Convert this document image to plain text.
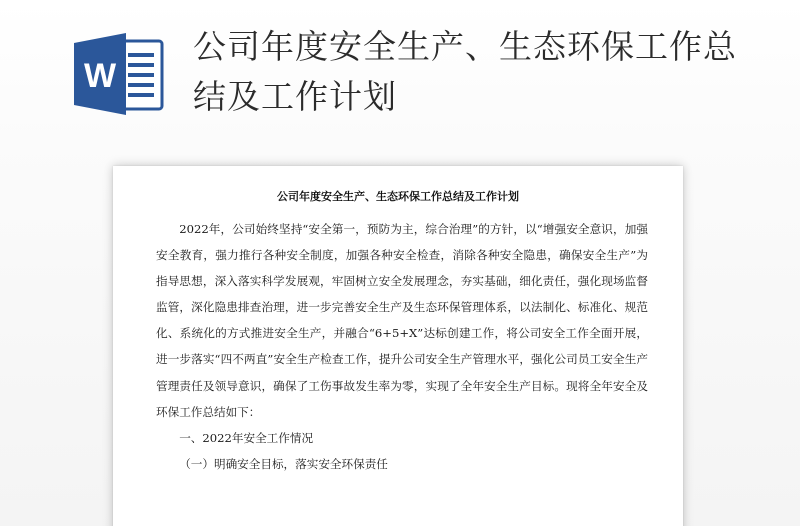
W
公司年度安全生产、生态环保工作总结及工作计划
公司年度安全生产、生态环保工作总结及工作计划

2022年，公司始终坚持“安全第一，预防为主，综合治理”的方针，以“增强安全意识，加强安全教育，强力推行各种安全制度，加强各种安全检查，消除各种安全隐患，确保安全生产”为指导思想，深入落实科学发展观，牢固树立安全发展理念，夯实基础，细化责任，强化现场监督监管，深化隐患排查治理，进一步完善安全生产及生态环保管理体系，以法制化、标准化、规范化、系统化的方式推进安全生产，并融合“6+5+X”达标创建工作，将公司安全工作全面开展，进一步落实“四不两直”安全生产检查工作，提升公司安全生产管理水平，强化公司员工安全生产管理责任及领导意识，确保了工伤事故发生率为零，实现了全年安全生产目标。现将全年安全及环保工作总结如下：

一、2022年安全工作情况

（一）明确安全目标，落实安全环保责任
